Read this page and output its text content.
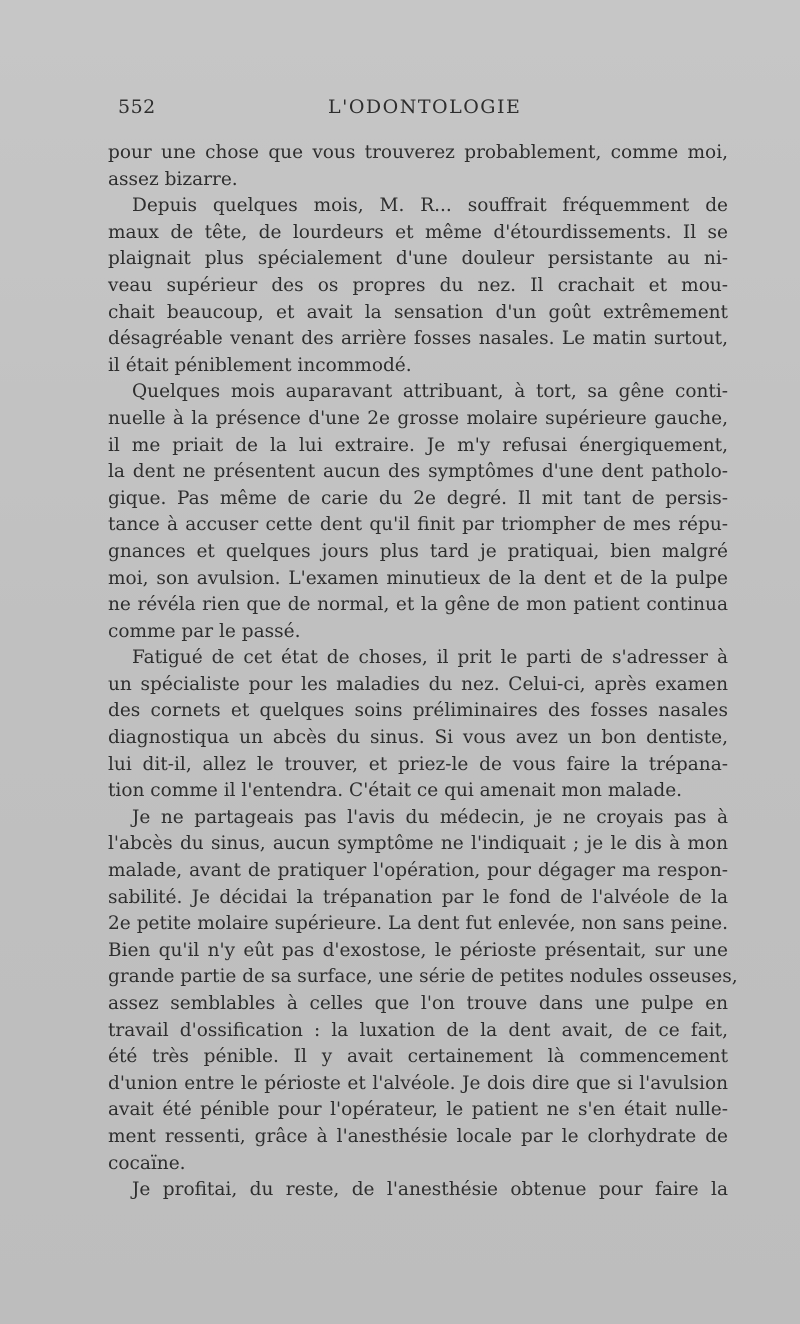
552	L'ODONTOLOGIE
pour une chose que vous trouverez probablement, comme moi,
assez bizarre.
Depuis quelques mois, M. R... souffrait fréquemment de
maux de tête, de lourdeurs et même d'étourdissements. Il se
plaignait plus spécialement d'une douleur persistante au ni-
veau supérieur des os propres du nez. Il crachait et mou-
chait beaucoup, et avait la sensation d'un goût extrêmement
désagréable venant des arrière fosses nasales. Le matin surtout,
il était péniblement incommodé.
Quelques mois auparavant attribuant, à tort, sa gêne conti-
nuelle à la présence d'une 2e grosse molaire supérieure gauche,
il me priait de la lui extraire. Je m'y refusai énergiquement,
la dent ne présentent aucun des symptômes d'une dent patholo-
gique. Pas même de carie du 2e degré. Il mit tant de persis-
tance à accuser cette dent qu'il finit par triompher de mes répu-
gnances et quelques jours plus tard je pratiquai, bien malgré
moi, son avulsion. L'examen minutieux de la dent et de la pulpe
ne révéla rien que de normal, et la gêne de mon patient continua
comme par le passé.
Fatigué de cet état de choses, il prit le parti de s'adresser à
un spécialiste pour les maladies du nez. Celui-ci, après examen
des cornets et quelques soins préliminaires des fosses nasales
diagnostiqua un abcès du sinus. Si vous avez un bon dentiste,
lui dit-il, allez le trouver, et priez-le de vous faire la trépana-
tion comme il l'entendra. C'était ce qui amenait mon malade.
Je ne partageais pas l'avis du médecin, je ne croyais pas à
l'abcès du sinus, aucun symptôme ne l'indiquait ; je le dis à mon
malade, avant de pratiquer l'opération, pour dégager ma respon-
sabilité. Je décidai la trépanation par le fond de l'alvéole de la
2e petite molaire supérieure. La dent fut enlevée, non sans peine.
Bien qu'il n'y eût pas d'exostose, le périoste présentait, sur une
grande partie de sa surface, une série de petites nodules osseuses,
assez semblables à celles que l'on trouve dans une pulpe en
travail d'ossification : la luxation de la dent avait, de ce fait,
été très pénible. Il y avait certainement là commencement
d'union entre le périoste et l'alvéole. Je dois dire que si l'avulsion
avait été pénible pour l'opérateur, le patient ne s'en était nulle-
ment ressenti, grâce à l'anesthésie locale par le clorhydrate de
cocaïne.
Je profitai, du reste, de l'anesthésie obtenue pour faire la
